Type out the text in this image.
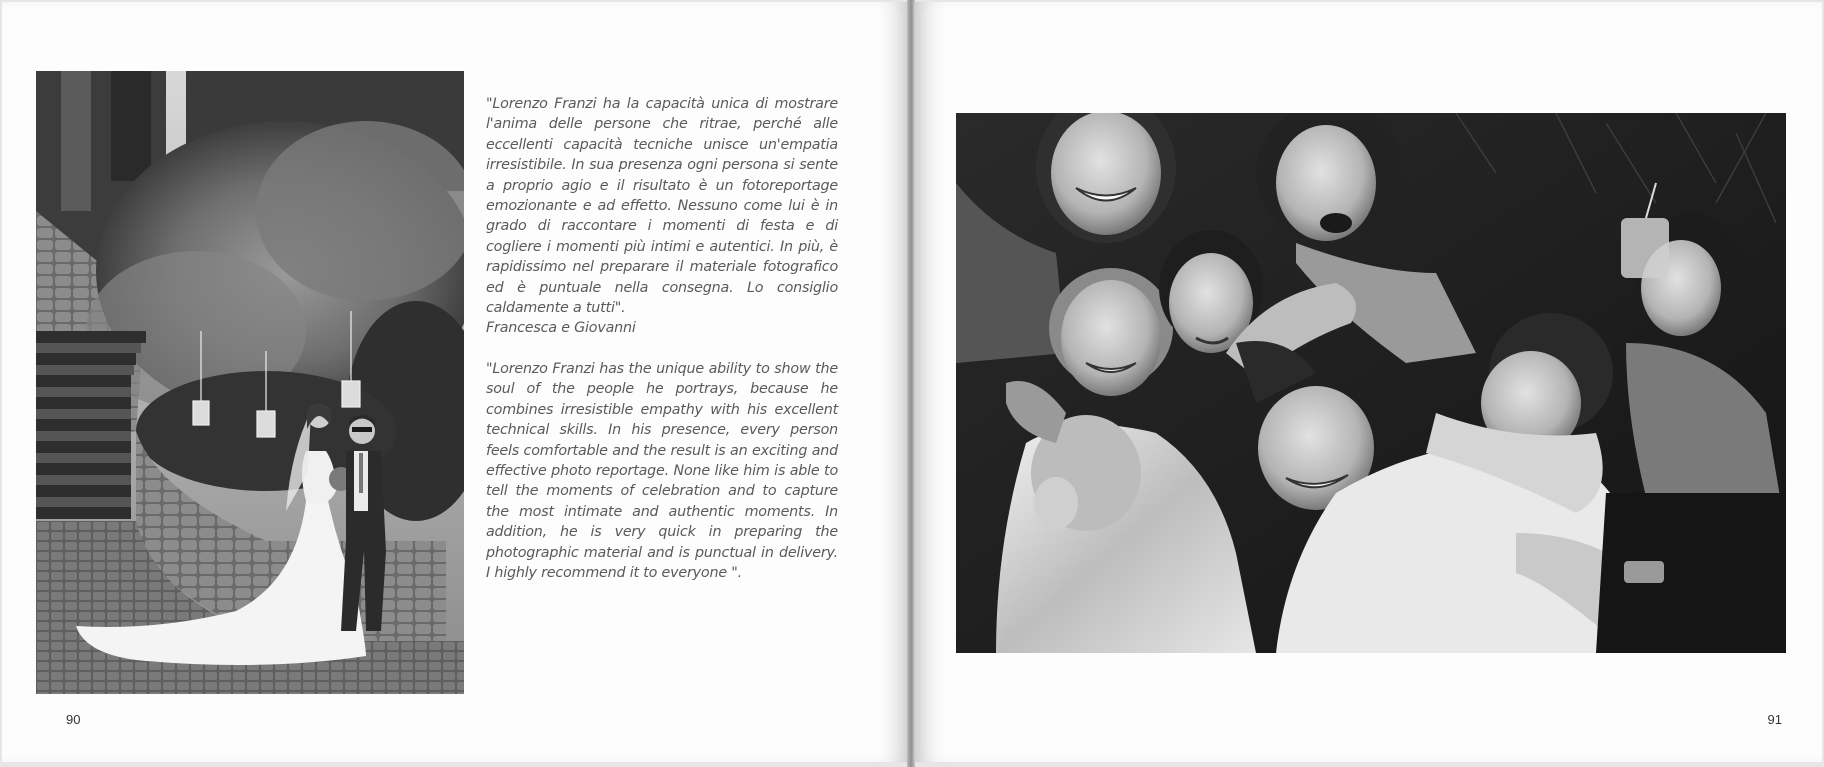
"Lorenzo Franzi ha la capacità unica di mostrare l'anima delle persone che ritrae, perché alle eccellenti capacità tecniche unisce un'empatia irresistibile. In sua presenza ogni persona si sente a proprio agio e il risultato è un fotoreportage emozionante e ad effetto. Nessuno come lui è in grado di raccontare i momenti di festa e di cogliere i momenti più intimi e autentici. In più, è rapidissimo nel preparare il materiale fotografico ed è puntuale nella consegna. Lo consiglio caldamente a tutti".

Francesca e Giovanni

"Lorenzo Franzi has the unique ability to show the soul of the people he portrays, because he combines irresistible empathy with his excellent technical skills. In his presence, every person feels comfortable and the result is an exciting and effective photo reportage. None like him is able to tell the moments of celebration and to capture the most intimate and authentic moments. In addition, he is very quick in preparing the photographic material and is punctual in delivery. I highly recommend it to everyone ".

90	91
